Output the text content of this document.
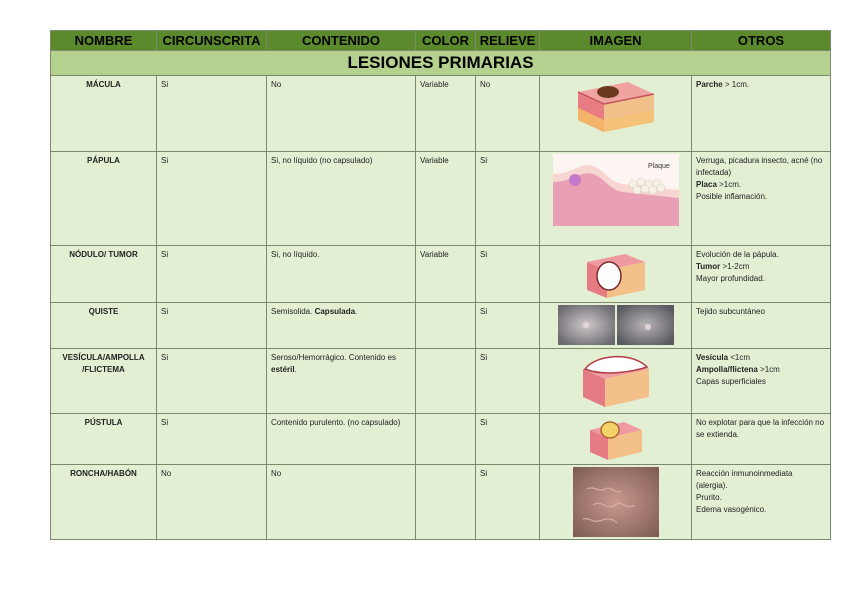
NOMBRE	CIRCUNSCRITA	CONTENIDO	COLOR	RELIEVE	IMAGEN	OTROS
LESIONES PRIMARIAS						
MÁCULA	Si	No	Variable	No		Parche > 1cm.
PÁPULA	Si	Si, no líquido (no capsulado)	Variable	Si	Plaque	Verruga, picadura insecto, acné (no infectada)
Placa >1cm.
Posible inflamación.

NÓDULO/ TUMOR	Si	Si, no líquido.	Variable	Si		Evolución de la pápula.
Tumor >1-2cm
Mayor profundidad.

QUISTE	Si	Semisolida. Capsulada.		Si		Tejido subcuntáneo
VESÍCULA/AMPOLLA /FLICTEMA	Si	Seroso/Hemorrágico. Contenido es estéril.		Si		Vesícula <1cm
Ampolla/flictena >1cm
Capas superficiales

PÚSTULA	Si	Contenido purulento. (no capsulado)		Si		No explotar para que la infección no se extienda.
RONCHA/HABÓN	No	No		Si		Reacción inmunoinmediata (alergia).
Prurito.
Edema vasogénico.
